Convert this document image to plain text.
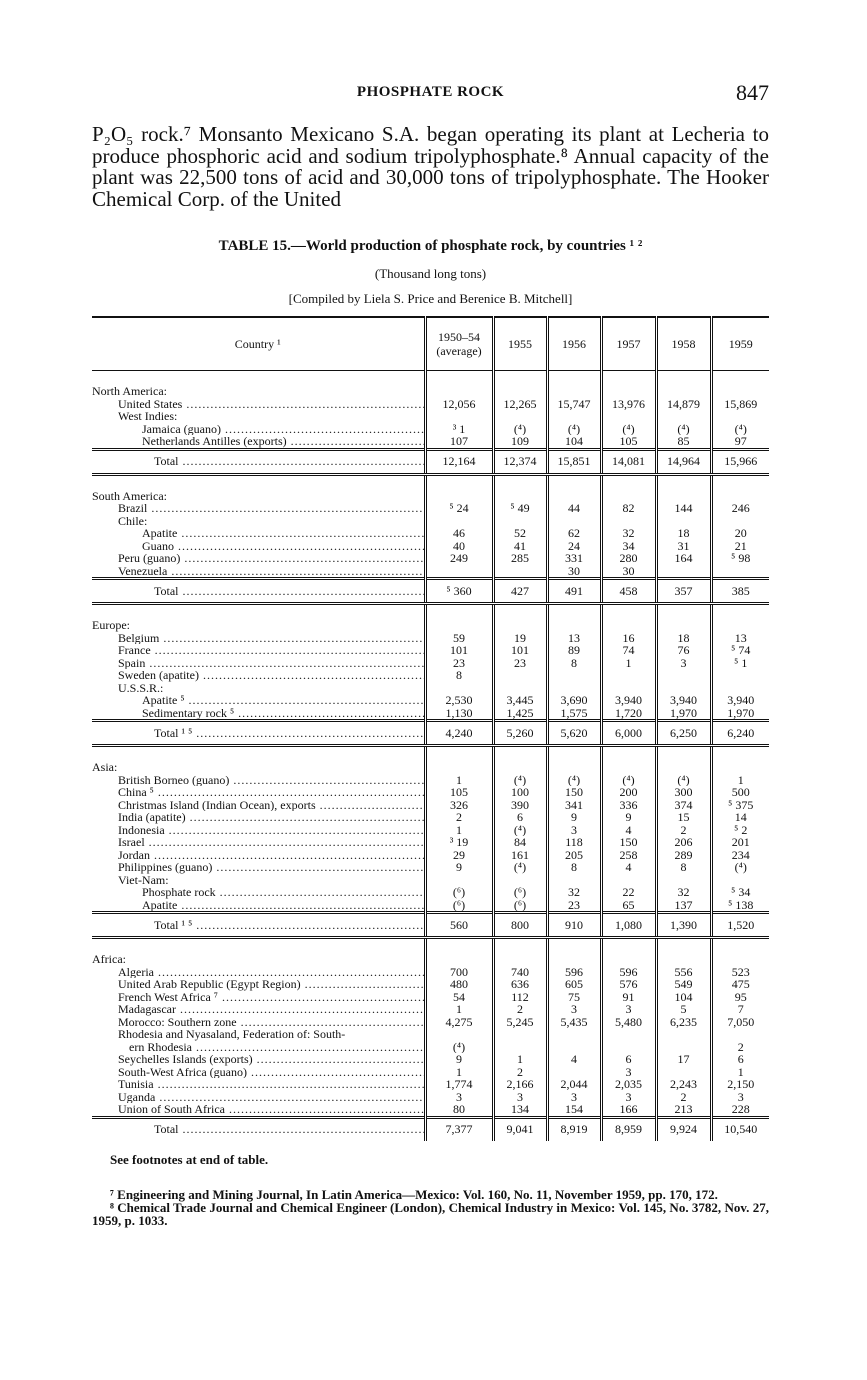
PHOSPHATE ROCK	847

P₂O₅ rock.⁷ Monsanto Mexicano S.A. began operating its plant at Lecheria to produce phosphoric acid and sodium tripolyphosphate.⁸ Annual capacity of the plant was 22,500 tons of acid and 30,000 tons of tripolyphosphate. The Hooker Chemical Corp. of the United

TABLE 15.—World production of phosphate rock, by countries ¹ ²
(Thousand long tons)
[Compiled by Liela S. Price and Berenice B. Mitchell]
Country ¹	1950–54 (average)	1955	1956	1957	1958	1959

North America:						

United States .....	12,056	12,265	15,747	13,976	14,879	15,869

West Indies:						

Jamaica (guano) .....	³ 1	(⁴)	(⁴)	(⁴)	(⁴)	(⁴)

Netherlands Antilles (exports) .....	107	109	104	105	85	97

Total .....	12,164	12,374	15,851	14,081	14,964	15,966

South America:						

Brazil .....	⁵ 24	⁵ 49	44	82	144	246

Chile:						

Apatite .....	46	52	62	32	18	20

Guano .....	40	41	24	34	31	21

Peru (guano) .....	249	285	331	280	164	⁵ 98

Venezuela .....			30	30		

Total .....	⁵ 360	427	491	458	357	385

Europe:						

Belgium .....	59	19	13	16	18	13

France .....	101	101	89	74	76	⁵ 74

Spain .....	23	23	8	1	3	⁵ 1

Sweden (apatite) .....	8					

U.S.S.R.:						

Apatite ⁵ .....	2,530	3,445	3,690	3,940	3,940	3,940

Sedimentary rock ⁵ .....	1,130	1,425	1,575	1,720	1,970	1,970

Total ¹ ⁵ .....	4,240	5,260	5,620	6,000	6,250	6,240

Asia:						

British Borneo (guano) .....	1	(⁴)	(⁴)	(⁴)	(⁴)	1

China ⁵ .....	105	100	150	200	300	500

Christmas Island (Indian Ocean), exports .....	326	390	341	336	374	⁵ 375

India (apatite) .....	2	6	9	9	15	14

Indonesia .....	1	(⁴)	3	4	2	⁵ 2

Israel .....	³ 19	84	118	150	206	201

Jordan .....	29	161	205	258	289	234

Philippines (guano) .....	9	(⁴)	8	4	8	(⁴)

Viet-Nam:						

Phosphate rock .....	(⁶)	(⁶)	32	22	32	⁵ 34

Apatite .....	(⁶)	(⁶)	23	65	137	⁵ 138

Total ¹ ⁵ .....	560	800	910	1,080	1,390	1,520

Africa:						

Algeria .....	700	740	596	596	556	523

United Arab Republic (Egypt Region) .....	480	636	605	576	549	475

French West Africa ⁷ .....	54	112	75	91	104	95

Madagascar .....	1	2	3	3	5	7

Morocco: Southern zone .....	4,275	5,245	5,435	5,480	6,235	7,050

Rhodesia and Nyasaland, Federation of: South-						

ern Rhodesia .....	(⁴)					2

Seychelles Islands (exports) .....	9	1	4	6	17	6

South-West Africa (guano) .....	1	2		3		1

Tunisia .....	1,774	2,166	2,044	2,035	2,243	2,150

Uganda .....	3	3	3	3	2	3

Union of South Africa .....	80	134	154	166	213	228

Total .....	7,377	9,041	8,919	8,959	9,924	10,540
See footnotes at end of table.

⁷ Engineering and Mining Journal, In Latin America—Mexico: Vol. 160, No. 11, November 1959, pp. 170, 172.

⁸ Chemical Trade Journal and Chemical Engineer (London), Chemical Industry in Mexico: Vol. 145, No. 3782, Nov. 27, 1959, p. 1033.
